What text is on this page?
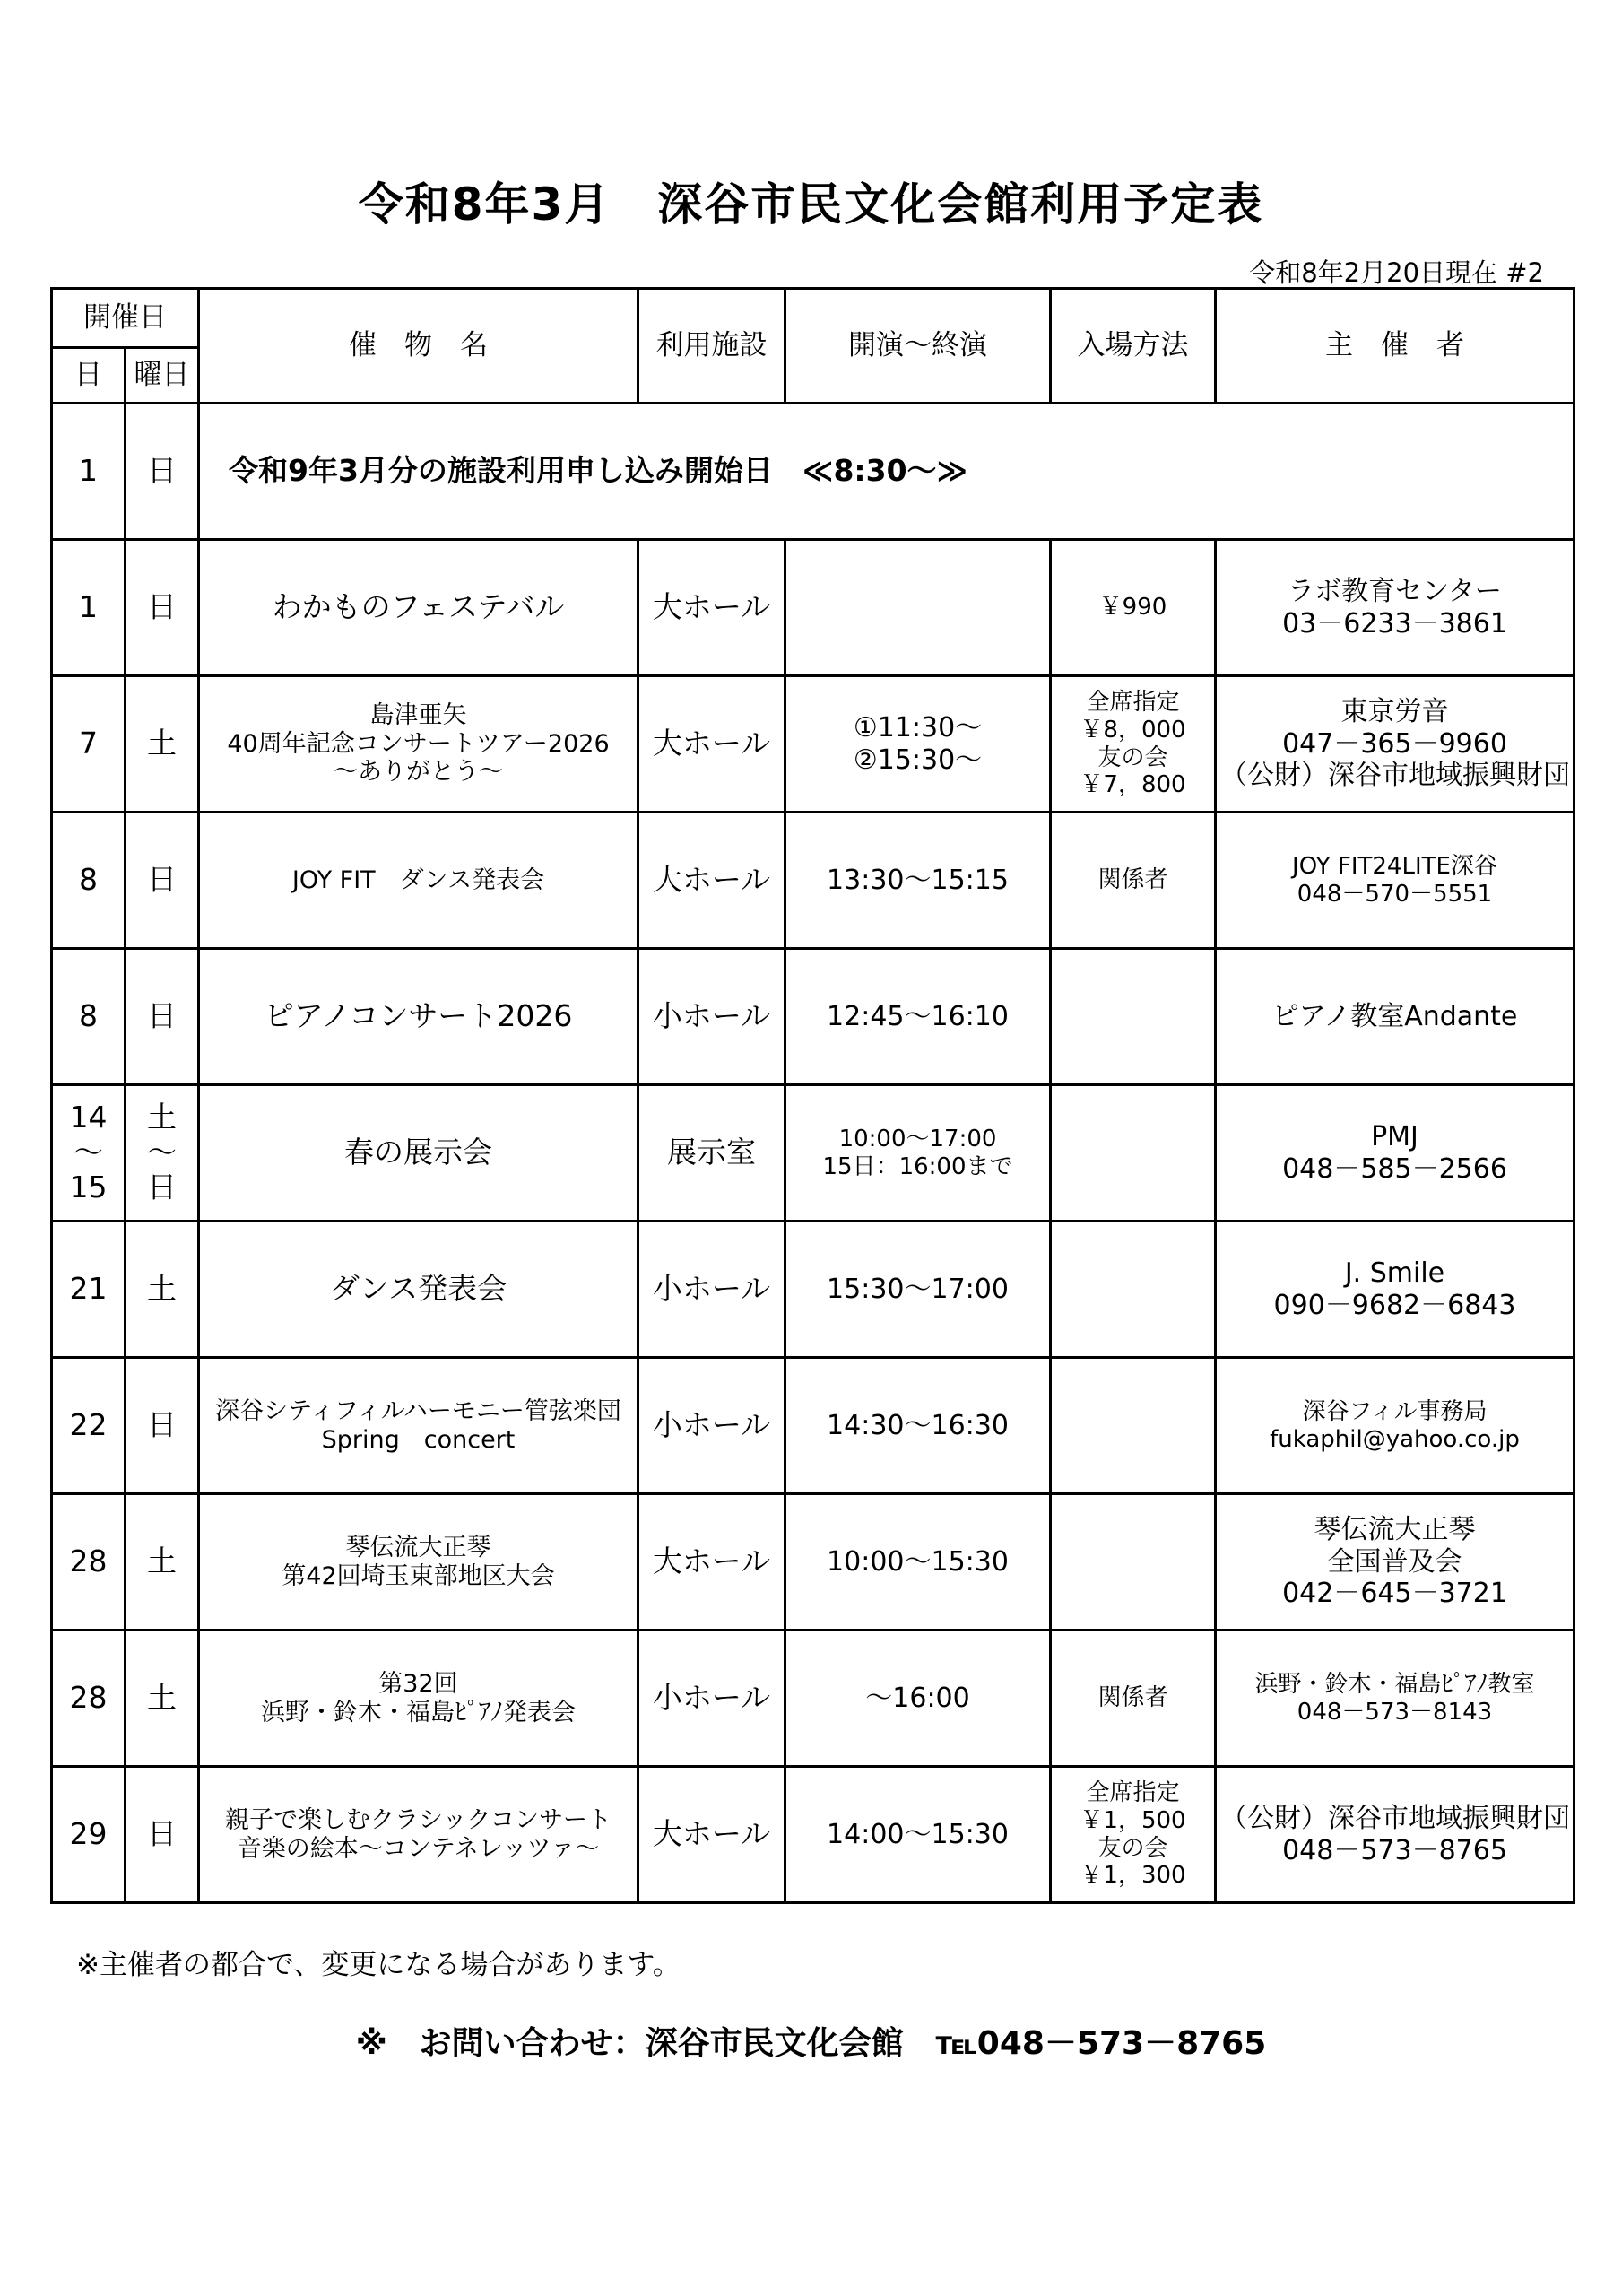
令和8年3月　深谷市民文化会館利用予定表
令和8年2月20日現在 #2
開催日		催　物　名	利用施設	開演～終演	入場方法	主　催　者
日	曜日					
1	日	令和9年3月分の施設利用申し込み開始日　≪8:30～≫				

1	日	わかものフェステバル	大ホール		￥990	ラボ教育センター
03－6233－3861

7	土	島津亜矢
40周年記念コンサートツアー2026
～ありがとう～	大ホール	①11:30～
②15:30～	全席指定
￥8，000
友の会
￥7，800	東京労音
047－365－9960
（公財）深谷市地域振興財団

8	日	JOY FIT　ダンス発表会	大ホール	13:30～15:15	関係者	JOY FIT24LITE深谷
048－570－5551

8	日	ピアノコンサート2026	小ホール	12:45～16:10		ピアノ教室Andante

14
～
15	土
～
日	春の展示会	展示室	10:00～17:00
15日：16:00まで		PMJ
048－585－2566

21	土	ダンス発表会	小ホール	15:30～17:00		J. Smile
090－9682－6843

22	日	深谷シティフィルハーモニー管弦楽団
Spring　concert	小ホール	14:30～16:30		深谷フィル事務局
fukaphil@yahoo.co.jp

28	土	琴伝流大正琴
第42回埼玉東部地区大会	大ホール	10:00～15:30		琴伝流大正琴
全国普及会
042－645－3721

28	土	第32回
浜野・鈴木・福島ﾋﾟｱﾉ発表会	小ホール	～16:00	関係者	浜野・鈴木・福島ﾋﾟｱﾉ教室
048－573－8143

29	日	親子で楽しむクラシックコンサート
音楽の絵本～コンテネレッツァ～	大ホール	14:00～15:30	全席指定
￥1，500
友の会
￥1，300	（公財）深谷市地域振興財団
048－573－8765
※主催者の都合で、変更になる場合があります。
※　お問い合わせ：深谷市民文化会館　℡048－573－8765
